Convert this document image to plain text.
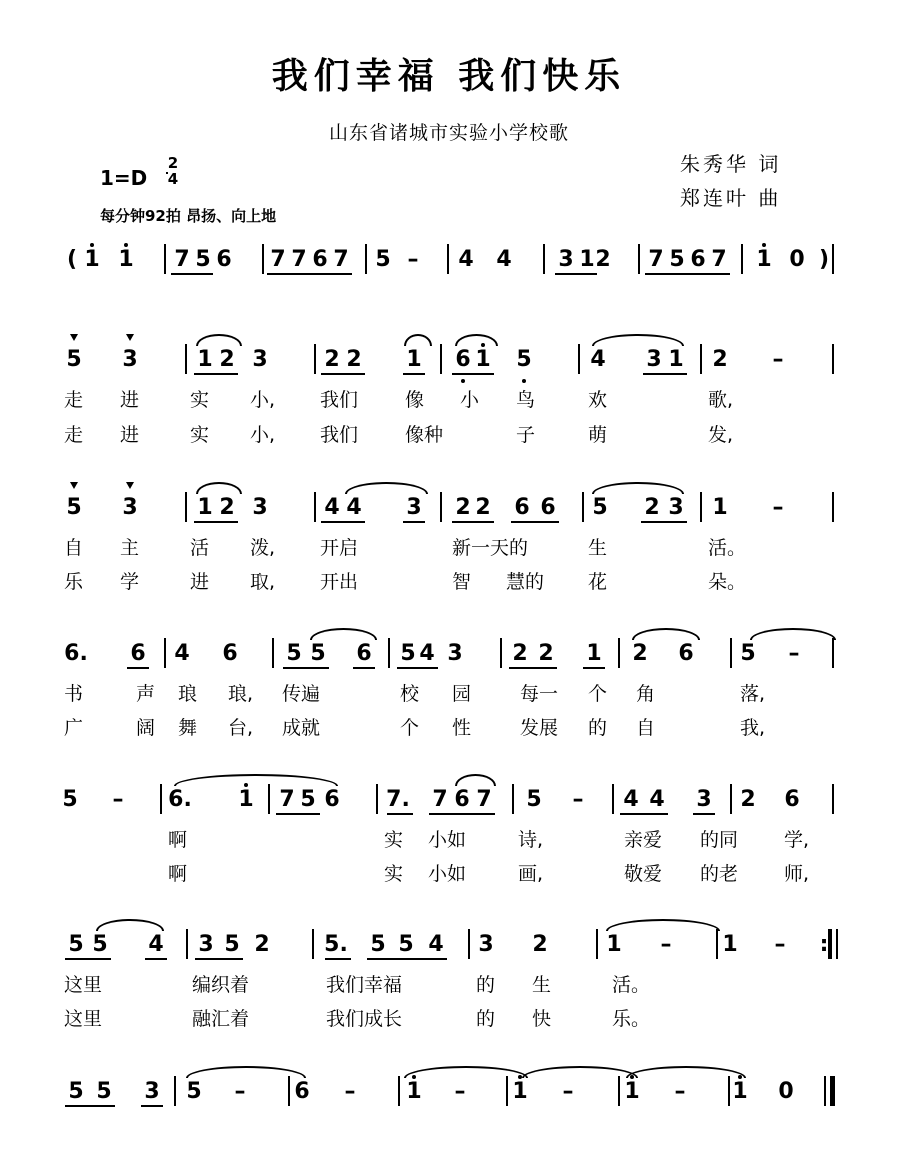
我们幸福 我们快乐
山东省诸城市实验小学校歌
朱秀华 词
郑连叶 曲
1=D
2
4
每分钟92拍 昂扬、向上地
( 1 1 7 5 6 7 7 6 7 5 – 4 4 3 1 2 7 5 6 7 1 0 )
5 3	1 2 3	2 2 1 6 1 5	4 3 1 2 –
走 进	实 小, 我们 像 小 鸟	欢	歌,
走 进	实 小, 我们 像种	子	萌	发,
5 3	1 2 3	4 4 3 2 2 6 6 5 2 3 1 –
自 主	活 泼, 开启	新一天的	生	活。
乐 学	进 取, 开出	智 慧的 花	朵。
6. 6 4 6 5 5 6 5 4 3 2 2 1 2 6 5 –
书	声 琅 琅, 传遍	校 园	每一 个 角	落,
广	阔 舞 台, 成就	个 性	发展 的 自	我,
5 – 6. 1 7 5 6 7. 7 6 7 5 – 4 4 3 2 6
啊	实 小如	诗,	亲爱 的同 学,
啊	实 小如	画,	敬爱 的老 师,
5 5 4 3 5 2 5. 5 5 4 3 2	1 – 1 –	:
这里	编织着	我们幸福	的 生	活。
这里	融汇着	我们成长	的 快	乐。
5 5 3 5 – 6 – 1 – 1 – 1 – 1 0
